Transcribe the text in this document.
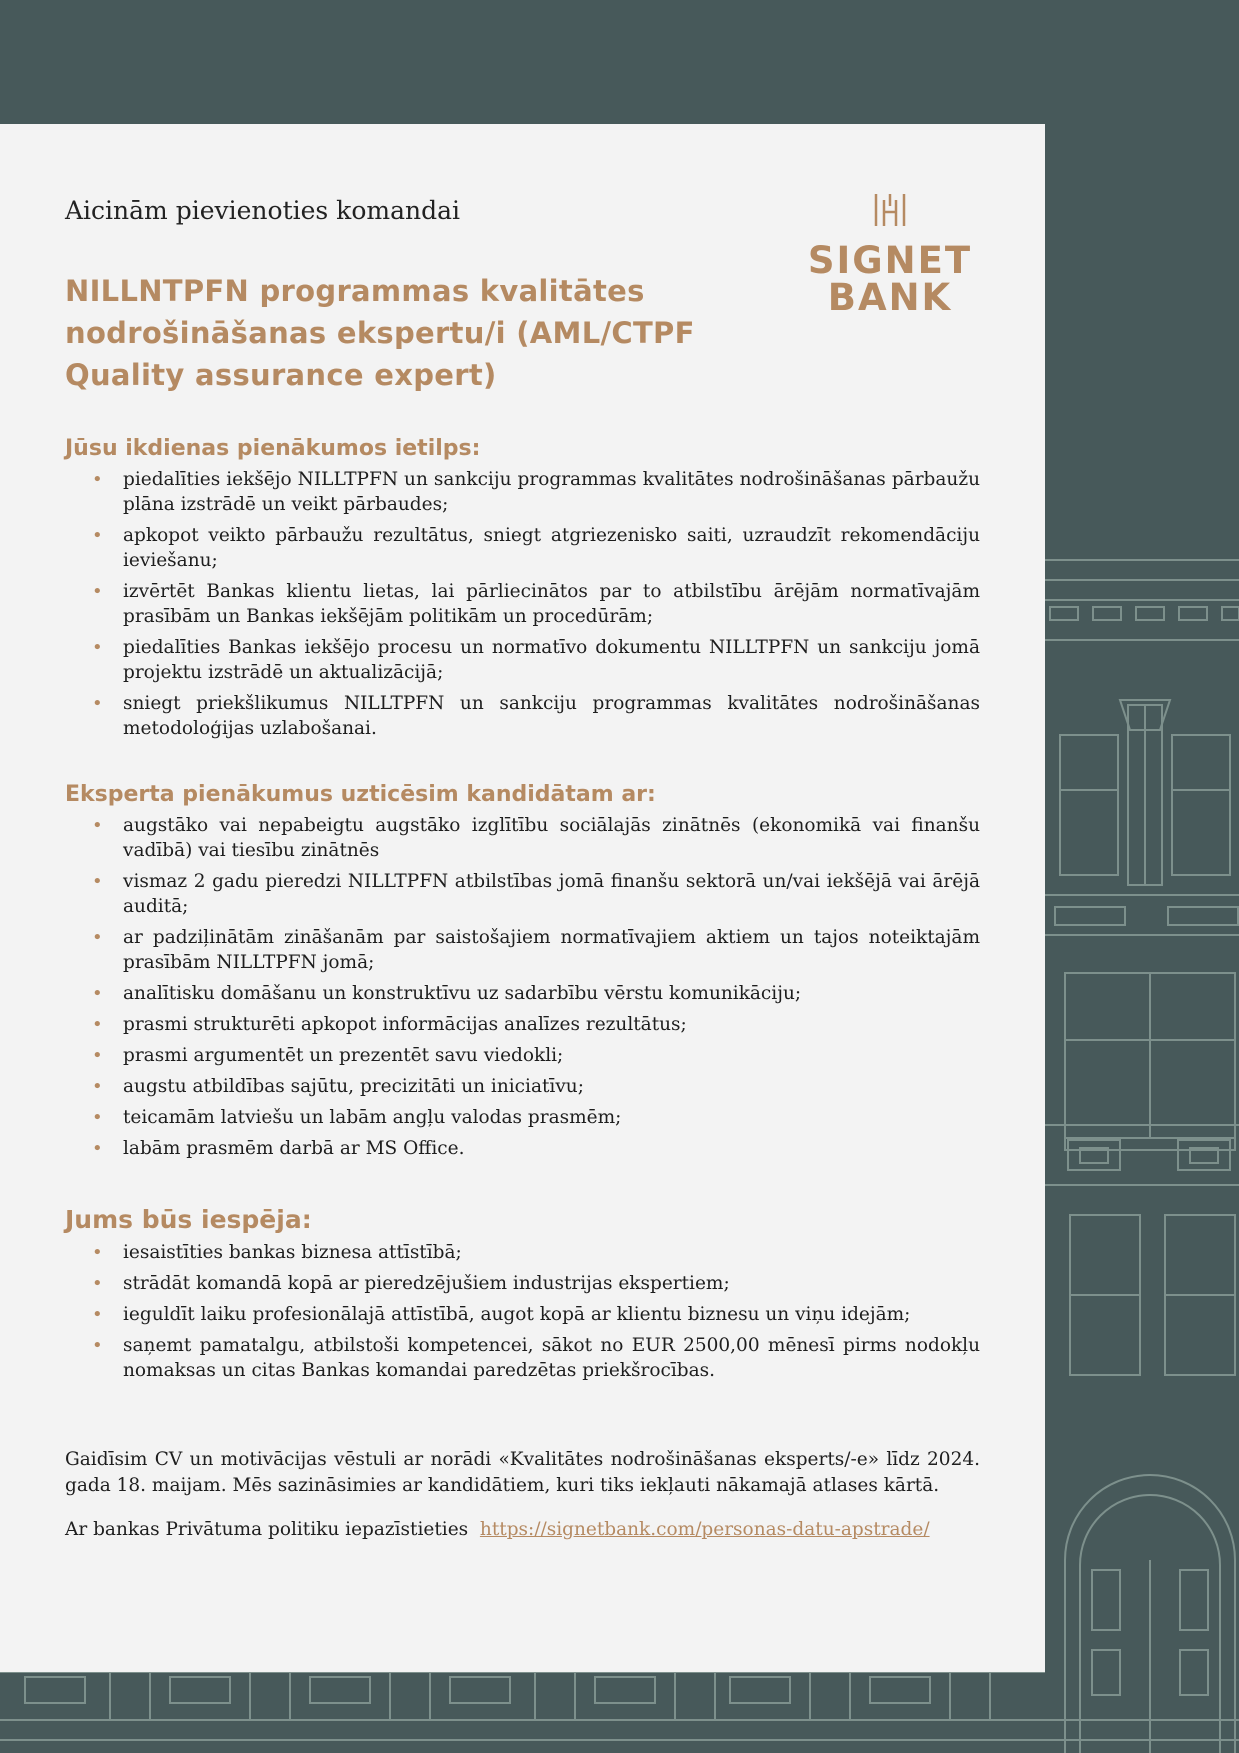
Aicinām pievienoties komandai
SIGNET
BANK
NILLNTPFN programmas kvalitātes nodrošināšanas ekspertu/i (AML/CTPF Quality assurance expert)
Jūsu ikdienas pienākumos ietilps:
• piedalīties iekšējo NILLTPFN un sankciju programmas kvalitātes nodrošināšanas pārbaužu plāna izstrādē un veikt pārbaudes;
• apkopot veikto pārbaužu rezultātus, sniegt atgriezenisko saiti, uzraudzīt rekomendāciju ieviešanu;
• izvērtēt Bankas klientu lietas, lai pārliecinātos par to atbilstību ārējām normatīvajām prasībām un Bankas iekšējām politikām un procedūrām;
• piedalīties Bankas iekšējo procesu un normatīvo dokumentu NILLTPFN un sankciju jomā projektu izstrādē un aktualizācijā;
• sniegt priekšlikumus NILLTPFN un sankciju programmas kvalitātes nodrošināšanas metodoloģijas uzlabošanai.
Eksperta pienākumus uzticēsim kandidātam ar:
• augstāko vai nepabeigtu augstāko izglītību sociālajās zinātnēs (ekonomikā vai finanšu vadībā) vai tiesību zinātnēs
• vismaz 2 gadu pieredzi NILLTPFN atbilstības jomā finanšu sektorā un/vai iekšējā vai ārējā auditā;
• ar padziļinātām zināšanām par saistošajiem normatīvajiem aktiem un tajos noteiktajām prasībām NILLTPFN jomā;
• analītisku domāšanu un konstruktīvu uz sadarbību vērstu komunikāciju;
• prasmi strukturēti apkopot informācijas analīzes rezultātus;
• prasmi argumentēt un prezentēt savu viedokli;
• augstu atbildības sajūtu, precizitāti un iniciatīvu;
• teicamām latviešu un labām angļu valodas prasmēm;
• labām prasmēm darbā ar MS Office.
Jums būs iespēja:
• iesaistīties bankas biznesa attīstībā;
• strādāt komandā kopā ar pieredzējušiem industrijas ekspertiem;
• ieguldīt laiku profesionālajā attīstībā, augot kopā ar klientu biznesu un viņu idejām;
• saņemt pamatalgu, atbilstoši kompetencei, sākot no EUR 2500,00 mēnesī pirms nodokļu nomaksas un citas Bankas komandai paredzētas priekšrocības.
Gaidīsim CV un motivācijas vēstuli ar norādi «Kvalitātes nodrošināšanas eksperts/-e» līdz 2024. gada 18. maijam. Mēs sazināsimies ar kandidātiem, kuri tiks iekļauti nākamajā atlases kārtā.
Ar bankas Privātuma politiku iepazīstieties https://signetbank.com/personas-datu-apstrade/
